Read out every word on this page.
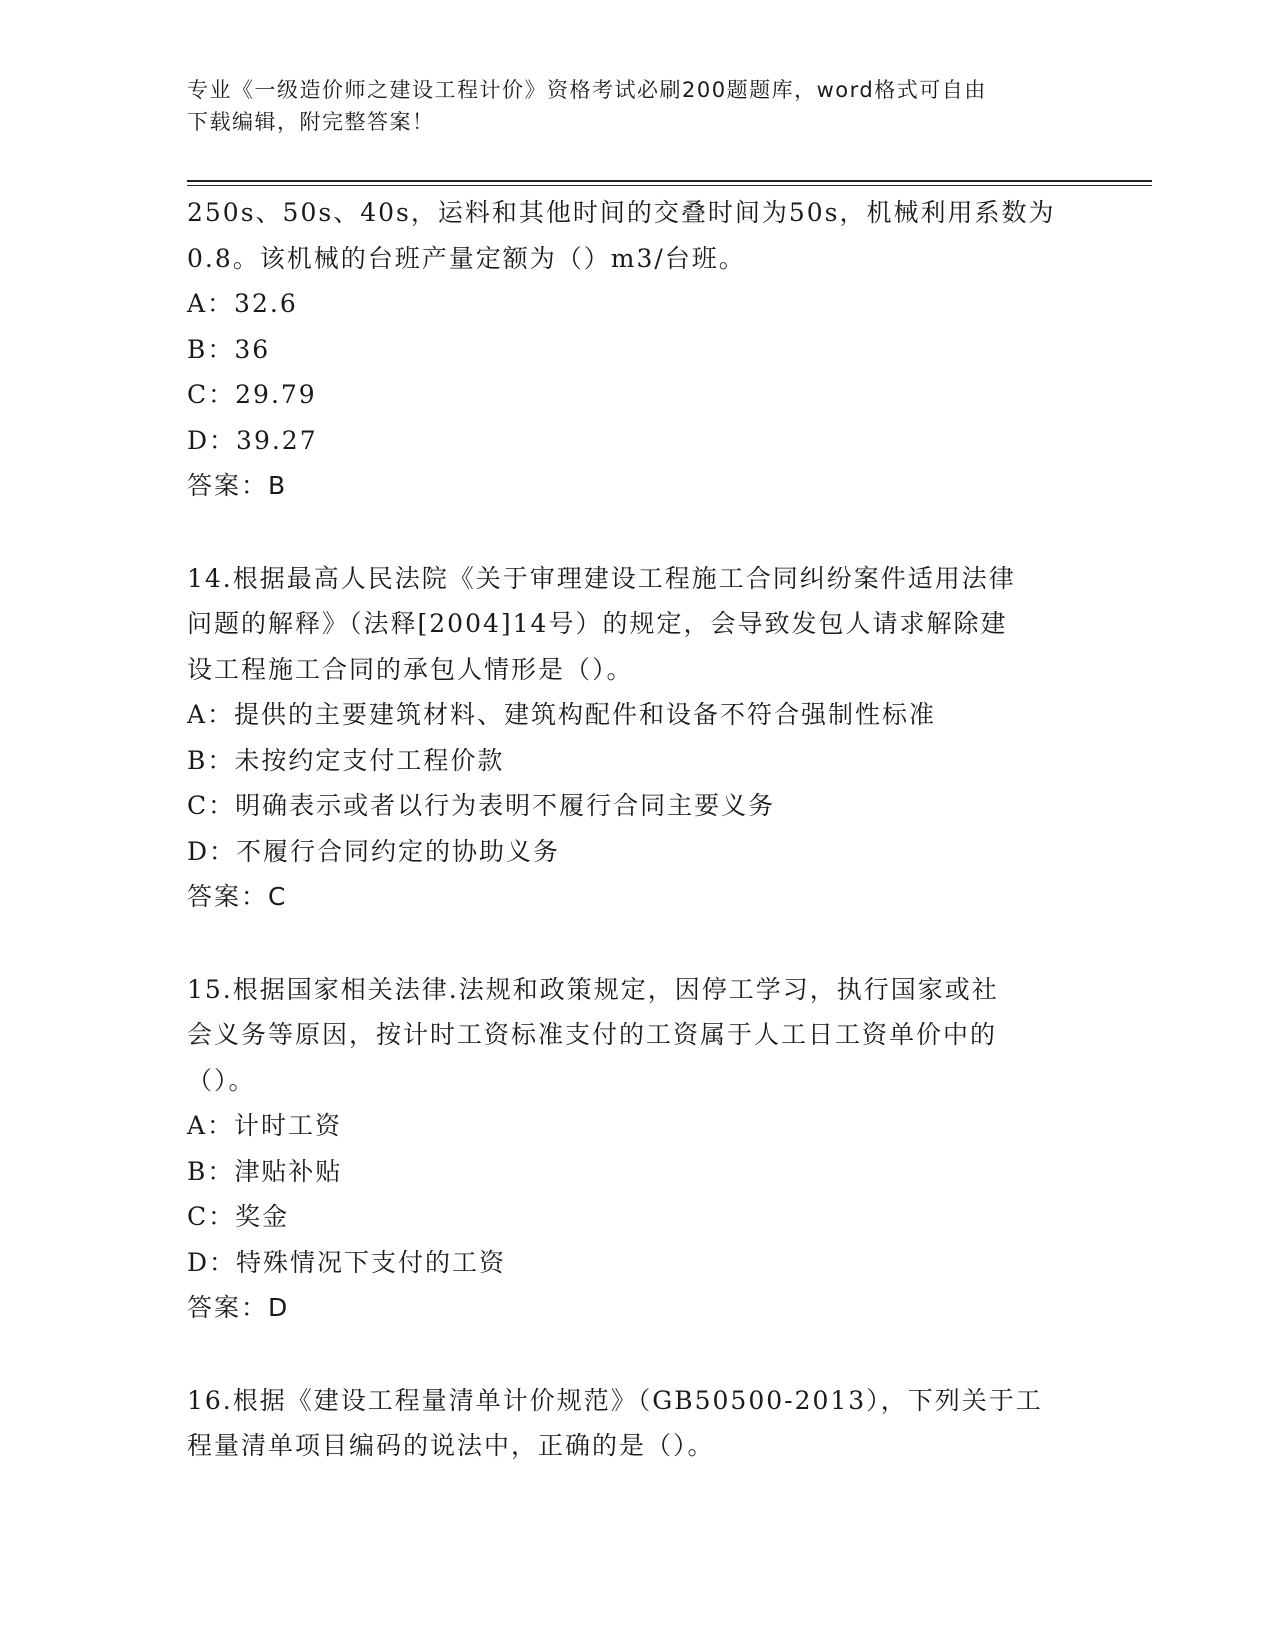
专业《一级造价师之建设工程计价》资格考试必刷200题题库，word格式可自由
下载编辑，附完整答案！
250s、50s、40s，运料和其他时间的交叠时间为50s，机械利用系数为
0.8。该机械的台班产量定额为（）m3/台班。
A：32.6
B：36
C：29.79
D：39.27
答案：B
14.根据最高人民法院《关于审理建设工程施工合同纠纷案件适用法律
问题的解释》（法释[2004]14号）的规定，会导致发包人请求解除建
设工程施工合同的承包人情形是（）。
A：提供的主要建筑材料、建筑构配件和设备不符合强制性标准
B：未按约定支付工程价款
C：明确表示或者以行为表明不履行合同主要义务
D：不履行合同约定的协助义务
答案：C
15.根据国家相关法律.法规和政策规定，因停工学习，执行国家或社
会义务等原因，按计时工资标准支付的工资属于人工日工资单价中的
（）。
A：计时工资
B：津贴补贴
C：奖金
D：特殊情况下支付的工资
答案：D
16.根据《建设工程量清单计价规范》（GB50500-2013），下列关于工
程量清单项目编码的说法中，正确的是（）。
